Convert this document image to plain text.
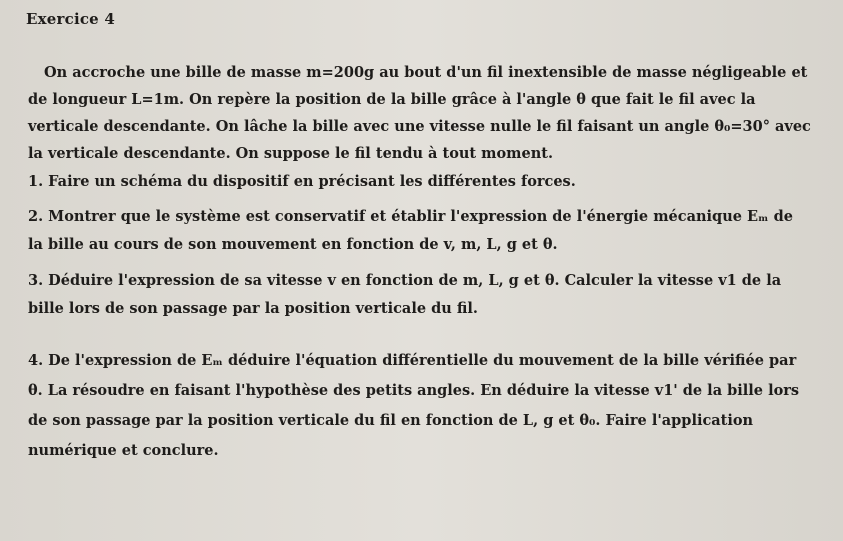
Exercice 4
On accroche une bille de masse m=200g au bout d'un fil inextensible de masse négligeable et
de longueur L=1m. On repère la position de la bille grâce à l'angle θ que fait le fil avec la
verticale descendante. On lâche la bille avec une vitesse nulle le fil faisant un angle θ₀=30° avec
la verticale descendante. On suppose le fil tendu à tout moment.
1. Faire un schéma du dispositif en précisant les différentes forces.
2. Montrer que le système est conservatif et établir l'expression de l'énergie mécanique Eₘ de
la bille au cours de son mouvement en fonction de v, m, L, g et θ.
3. Déduire l'expression de sa vitesse v en fonction de m, L, g et θ. Calculer la vitesse v1 de la
bille lors de son passage par la position verticale du fil.
4. De l'expression de Eₘ déduire l'équation différentielle du mouvement de la bille vérifiée par
θ. La résoudre en faisant l'hypothèse des petits angles. En déduire la vitesse v1' de la bille lors
de son passage par la position verticale du fil en fonction de L, g et θ₀. Faire l'application
numérique et conclure.
